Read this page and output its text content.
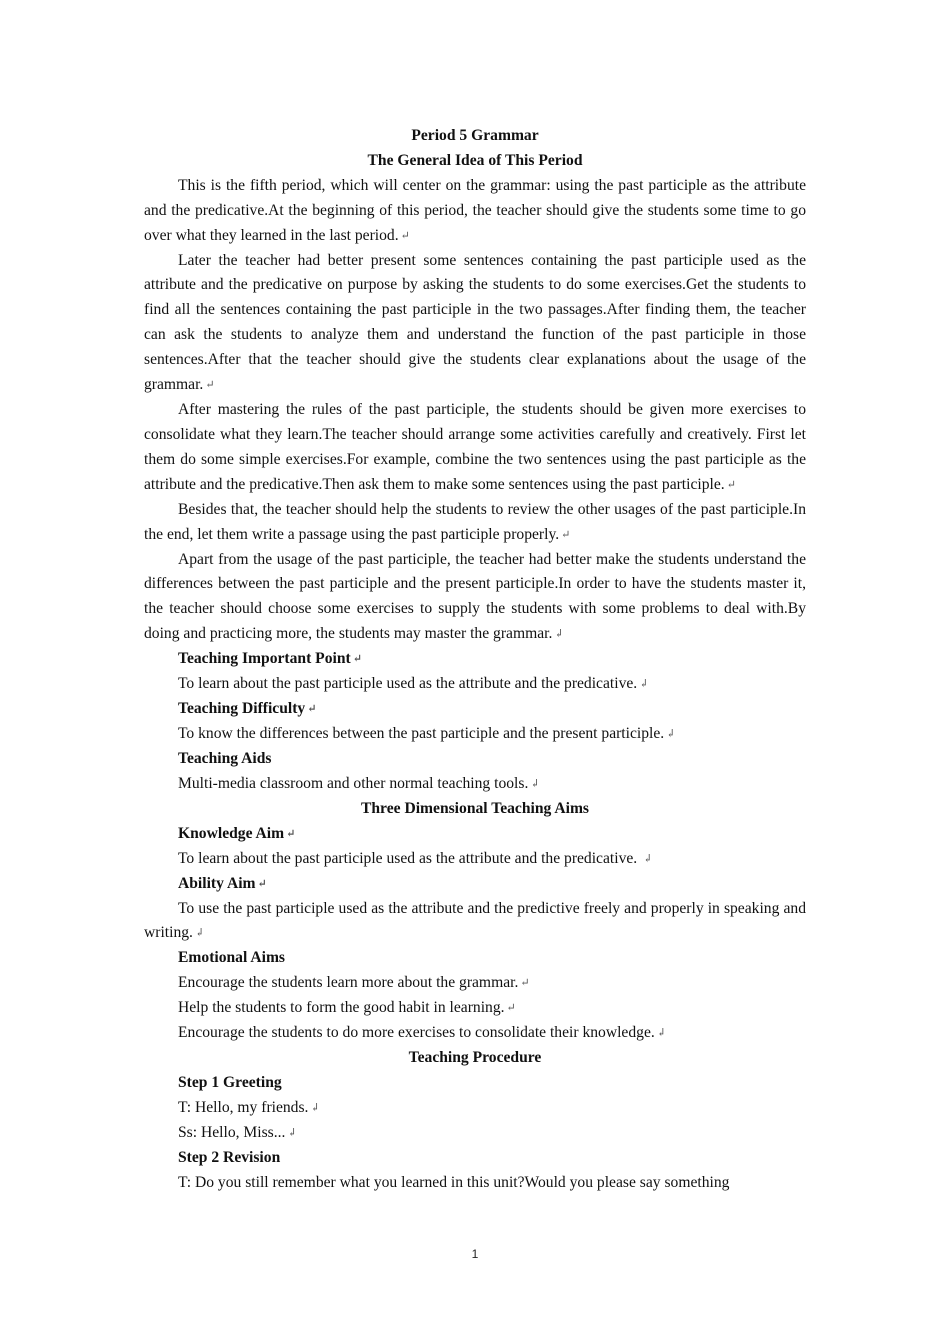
Period 5 Grammar
The General Idea of This Period

This is the fifth period, which will center on the grammar: using the past participle as the attribute and the predicative.At the beginning of this period, the teacher should give the students some time to go over what they learned in the last period. ↵

Later the teacher had better present some sentences containing the past participle used as the attribute and the predicative on purpose by asking the students to do some exercises.Get the students to find all the sentences containing the past participle in the two passages.After finding them, the teacher can ask the students to analyze them and understand the function of the past participle in those sentences.After that the teacher should give the students clear explanations about the usage of the grammar. ↵

After mastering the rules of the past participle, the students should be given more exercises to consolidate what they learn.The teacher should arrange some activities carefully and creatively. First let them do some simple exercises.For example, combine the two sentences using the past participle as the attribute and the predicative.Then ask them to make some sentences using the past participle. ↵

Besides that, the teacher should help the students to review the other usages of the past participle.In the end, let them write a passage using the past participle properly. ↵

Apart from the usage of the past participle, the teacher had better make the students understand the differences between the past participle and the present participle.In order to have the students master it, the teacher should choose some exercises to supply the students with some problems to deal with.By doing and practicing more, the students may master the grammar. ↲

Teaching Important Point ↵

To learn about the past participle used as the attribute and the predicative. ↲

Teaching Difficulty ↵

To know the differences between the past participle and the present participle. ↲

Teaching Aids

Multi-media classroom and other normal teaching tools. ↲

Three Dimensional Teaching Aims

Knowledge Aim ↵

To learn about the past participle used as the attribute and the predicative. ↲

Ability Aim ↵

To use the past participle used as the attribute and the predictive freely and properly in speaking and writing. ↲

Emotional Aims

Encourage the students learn more about the grammar. ↵

Help the students to form the good habit in learning. ↵

Encourage the students to do more exercises to consolidate their knowledge. ↲

Teaching Procedure

Step 1 Greeting

T: Hello, my friends. ↲

Ss: Hello, Miss... ↲

Step 2 Revision

T: Do you still remember what you learned in this unit?Would you please say something

1
